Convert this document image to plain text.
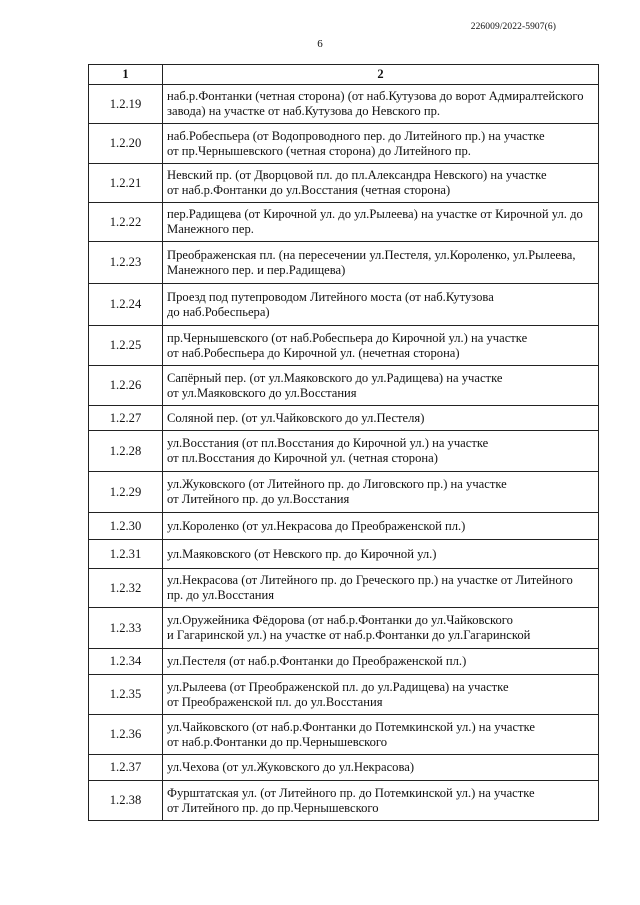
226009/2022-5907(6)
6
1	2
1.2.19	наб.р.Фонтанки (четная сторона) (от наб.Кутузова до ворот Адмиралтейского
завода) на участке от наб.Кутузова до Невского пр.

1.2.20	наб.Робеспьера (от Водопроводного пер. до Литейного пр.) на участке
от пр.Чернышевского (четная сторона) до Литейного пр.

1.2.21	Невский пр. (от Дворцовой пл. до пл.Александра Невского) на участке
от наб.р.Фонтанки до ул.Восстания (четная сторона)

1.2.22	пер.Радищева (от Кирочной ул. до ул.Рылеева) на участке от Кирочной ул. до
Манежного пер.

1.2.23	Преображенская пл. (на пересечении ул.Пестеля, ул.Короленко, ул.Рылеева,
Манежного пер. и пер.Радищева)

1.2.24	Проезд под путепроводом Литейного моста (от наб.Кутузова
до наб.Робеспьера)

1.2.25	пр.Чернышевского (от наб.Робеспьера до Кирочной ул.) на участке
от наб.Робеспьера до Кирочной ул. (нечетная сторона)

1.2.26	Сапёрный пер. (от ул.Маяковского до ул.Радищева) на участке
от ул.Маяковского до ул.Восстания

1.2.27	Соляной пер. (от ул.Чайковского до ул.Пестеля)

1.2.28	ул.Восстания (от пл.Восстания до Кирочной ул.) на участке
от пл.Восстания до Кирочной ул. (четная сторона)

1.2.29	ул.Жуковского (от Литейного пр. до Лиговского пр.) на участке
от Литейного пр. до ул.Восстания

1.2.30	ул.Короленко (от ул.Некрасова до Преображенской пл.)

1.2.31	ул.Маяковского (от Невского пр. до Кирочной ул.)

1.2.32	ул.Некрасова (от Литейного пр. до Греческого пр.) на участке от Литейного
пр. до ул.Восстания

1.2.33	ул.Оружейника Фёдорова (от наб.р.Фонтанки до ул.Чайковского
и Гагаринской ул.) на участке от наб.р.Фонтанки до ул.Гагаринской

1.2.34	ул.Пестеля (от наб.р.Фонтанки до Преображенской пл.)

1.2.35	ул.Рылеева (от Преображенской пл. до ул.Радищева) на участке
от Преображенской пл. до ул.Восстания

1.2.36	ул.Чайковского (от наб.р.Фонтанки до Потемкинской ул.) на участке
от наб.р.Фонтанки до пр.Чернышевского

1.2.37	ул.Чехова (от ул.Жуковского до ул.Некрасова)

1.2.38	Фурштатская ул. (от Литейного пр. до Потемкинской ул.) на участке
от Литейного пр. до пр.Чернышевского
